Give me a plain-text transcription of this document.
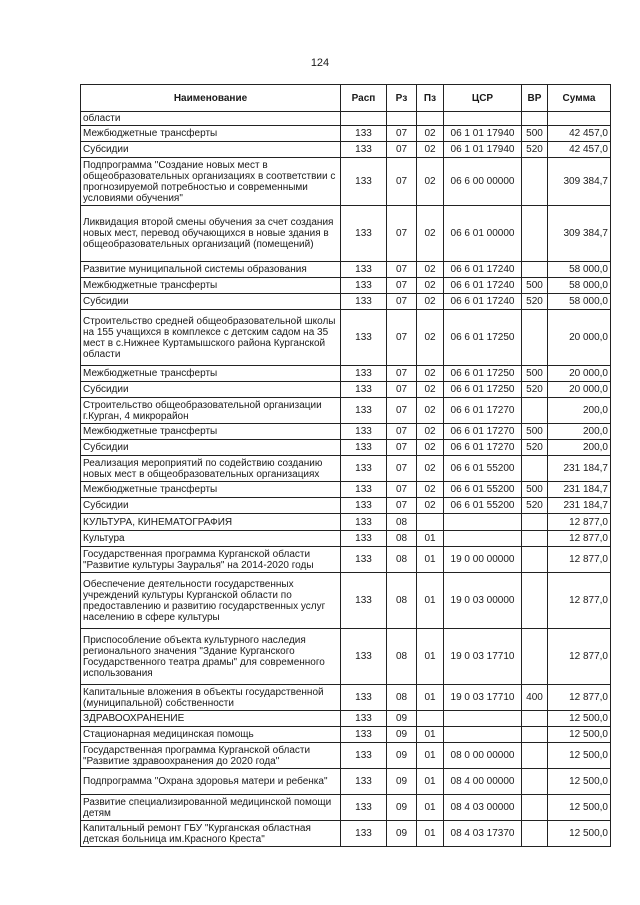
124
Наименование	Расп	Рз	Пз	ЦСР	ВР	Сумма
области						
Межбюджетные трансферты	133	07	02	06 1 01 17940	500	42 457,0
Субсидии	133	07	02	06 1 01 17940	520	42 457,0
Подпрограмма "Создание новых мест в общеобразовательных организациях в соответствии с прогнозируемой потребностью и современными условиями обучения"	133	07	02	06 6 00 00000		309 384,7
Ликвидация второй смены обучения за счет создания новых мест, перевод обучающихся в новые здания в общеобразовательных организаций (помещений)	133	07	02	06 6 01 00000		309 384,7
Развитие муниципальной системы образования	133	07	02	06 6 01 17240		58 000,0
Межбюджетные трансферты	133	07	02	06 6 01 17240	500	58 000,0
Субсидии	133	07	02	06 6 01 17240	520	58 000,0
Строительство средней общеобразовательной школы на 155 учащихся в комплексе с детским садом на 35 мест в с.Нижнее Куртамышского района Курганской области	133	07	02	06 6 01 17250		20 000,0
Межбюджетные трансферты	133	07	02	06 6 01 17250	500	20 000,0
Субсидии	133	07	02	06 6 01 17250	520	20 000,0
Строительство общеобразовательной организации г.Курган, 4 микрорайон	133	07	02	06 6 01 17270		200,0
Межбюджетные трансферты	133	07	02	06 6 01 17270	500	200,0
Субсидии	133	07	02	06 6 01 17270	520	200,0
Реализация мероприятий по содействию созданию новых мест в общеобразовательных организациях	133	07	02	06 6 01 55200		231 184,7
Межбюджетные трансферты	133	07	02	06 6 01 55200	500	231 184,7
Субсидии	133	07	02	06 6 01 55200	520	231 184,7
КУЛЬТУРА, КИНЕМАТОГРАФИЯ	133	08				12 877,0
Культура	133	08	01			12 877,0
Государственная программа Курганской области "Развитие культуры Зауралья" на 2014-2020 годы	133	08	01	19 0 00 00000		12 877,0
Обеспечение деятельности государственных учреждений культуры Курганской области по предоставлению и развитию государственных услуг населению в сфере культуры	133	08	01	19 0 03 00000		12 877,0
Приспособление объекта культурного наследия регионального значения "Здание Курганского Государственного театра драмы" для современного использования	133	08	01	19 0 03 17710		12 877,0
Капитальные вложения в объекты государственной (муниципальной) собственности	133	08	01	19 0 03 17710	400	12 877,0
ЗДРАВООХРАНЕНИЕ	133	09				12 500,0
Стационарная медицинская помощь	133	09	01			12 500,0
Государственная программа Курганской области "Развитие здравоохранения до 2020 года"	133	09	01	08 0 00 00000		12 500,0
Подпрограмма "Охрана здоровья матери и ребенка"	133	09	01	08 4 00 00000		12 500,0
Развитие специализированной медицинской помощи детям	133	09	01	08 4 03 00000		12 500,0
Капитальный ремонт ГБУ "Курганская областная детская больница им.Красного Креста"	133	09	01	08 4 03 17370		12 500,0
